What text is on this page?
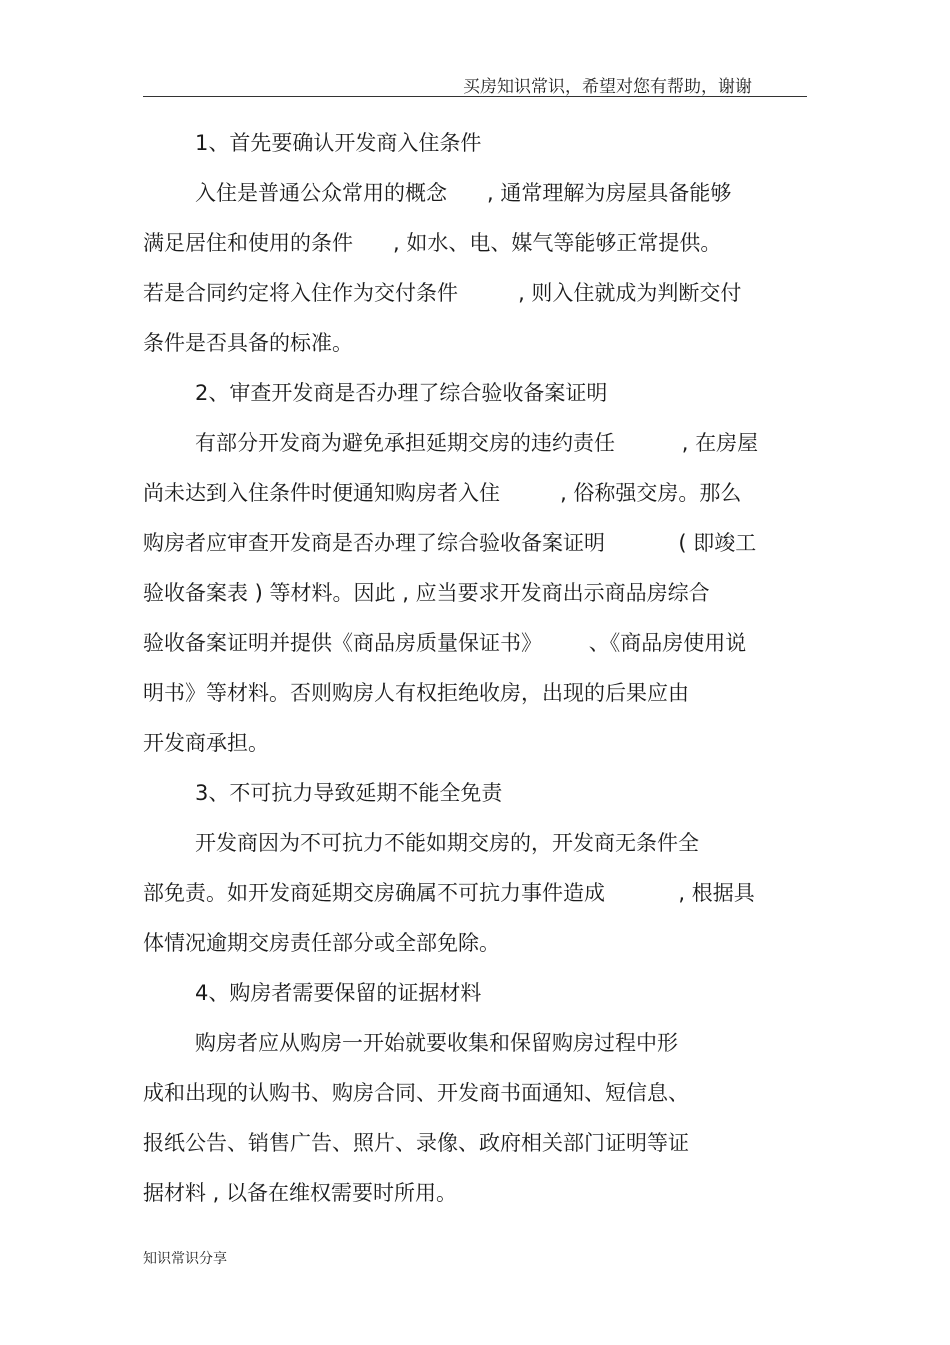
买房知识常识，希望对您有帮助，谢谢
1、首先要确认开发商入住条件
入住是普通公众常用的概念      , 通常理解为房屋具备能够
满足居住和使用的条件      , 如水、电、媒气等能够正常提供。
若是合同约定将入住作为交付条件         , 则入住就成为判断交付
条件是否具备的标准。
2、审查开发商是否办理了综合验收备案证明
有部分开发商为避免承担延期交房的违约责任          , 在房屋
尚未达到入住条件时便通知购房者入住         , 俗称强交房。那么
购房者应审查开发商是否办理了综合验收备案证明           ( 即竣工
验收备案表 ) 等材料。因此 , 应当要求开发商出示商品房综合
验收备案证明并提供《商品房质量保证书》       、《商品房使用说
明书》等材料。否则购房人有权拒绝收房，出现的后果应由
开发商承担。
3、不可抗力导致延期不能全免责
开发商因为不可抗力不能如期交房的，开发商无条件全
部免责。如开发商延期交房确属不可抗力事件造成           , 根据具
体情况逾期交房责任部分或全部免除。
4、购房者需要保留的证据材料
购房者应从购房一开始就要收集和保留购房过程中形
成和出现的认购书、购房合同、开发商书面通知、短信息、
报纸公告、销售广告、照片、录像、政府相关部门证明等证
据材料 , 以备在维权需要时所用。
知识常识分享
